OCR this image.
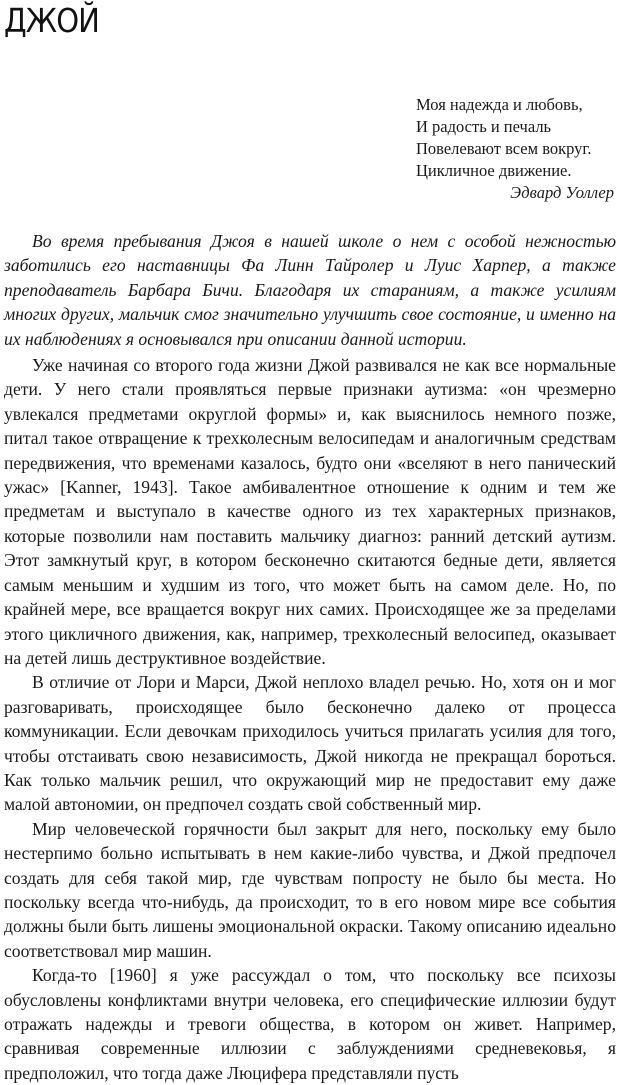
ДЖОЙ
Моя надежда и любовь,
И радость и печаль
Повелевают всем вокруг.
Цикличное движение.
Эдвард Уоллер

Во время пребывания Джоя в нашей школе о нем с особой нежностью заботились его наставницы Фа Линн Тайролер и Луис Харпер, а также преподаватель Барбара Бичи. Благодаря их стараниям, а также усилиям многих других, мальчик смог значительно улучшить свое состояние, и именно на их наблюдениях я основывался при описании данной истории.

Уже начиная со второго года жизни Джой развивался не как все нормальные дети. У него стали проявляться первые признаки аутизма: «он чрезмерно увлекался предметами округлой формы» и, как выяснилось немного позже, питал такое отвращение к трехколесным велосипедам и аналогичным средствам передвижения, что временами казалось, будто они «вселяют в него панический ужас» [Kanner, 1943]. Такое амбивалентное отношение к одним и тем же предметам и выступало в качестве одного из тех характерных признаков, которые позволили нам поставить мальчику диагноз: ранний детский аутизм. Этот замкнутый круг, в котором бесконечно скитаются бедные дети, является самым меньшим и худшим из того, что может быть на самом деле. Но, по крайней мере, все вращается вокруг них самих. Происходящее же за пределами этого цикличного движения, как, например, трехколесный велосипед, оказывает на детей лишь деструктивное воздействие.

В отличие от Лори и Марси, Джой неплохо владел речью. Но, хотя он и мог разговаривать, происходящее было бесконечно далеко от процесса коммуникации. Если девочкам приходилось учиться прилагать усилия для того, чтобы отстаивать свою независимость, Джой никогда не прекращал бороться. Как только мальчик решил, что окружающий мир не предоставит ему даже малой автономии, он предпочел создать свой собственный мир.

Мир человеческой горячности был закрыт для него, поскольку ему было нестерпимо больно испытывать в нем какие-либо чувства, и Джой предпочел создать для себя такой мир, где чувствам попросту не было бы места. Но поскольку всегда что-нибудь, да происходит, то в его новом мире все события должны были быть лишены эмоциональной окраски. Такому описанию идеально соответствовал мир машин.

Когда-то [1960] я уже рассуждал о том, что поскольку все психозы обусловлены конфликтами внутри человека, его специфические иллюзии будут отражать надежды и тревоги общества, в котором он живет. Например, сравнивая современные иллюзии с заблуждениями средневековья, я предположил, что тогда даже Люцифера представляли пусть
